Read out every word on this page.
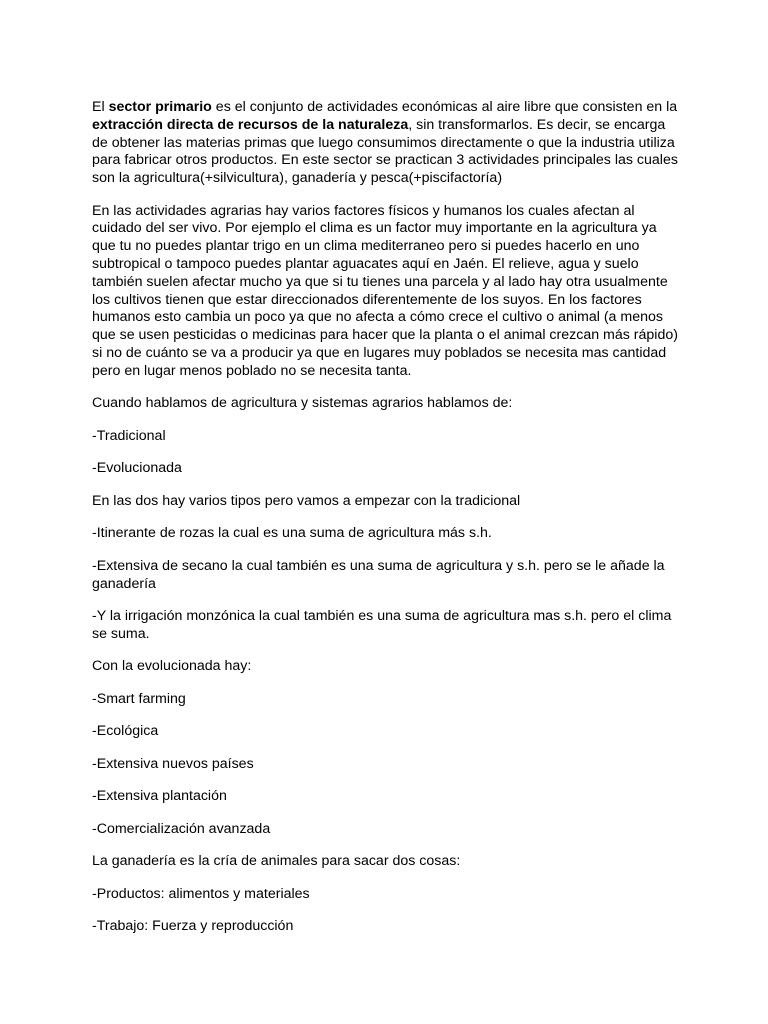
El sector primario es el conjunto de actividades económicas al aire libre que consisten en la extracción directa de recursos de la naturaleza, sin transformarlos. Es decir, se encarga de obtener las materias primas que luego consumimos directamente o que la industria utiliza para fabricar otros productos. En este sector se practican 3 actividades principales las cuales son la agricultura(+silvicultura), ganadería y pesca(+piscifactoría)

En las actividades agrarias hay varios factores físicos y humanos los cuales afectan al cuidado del ser vivo. Por ejemplo el clima es un factor muy importante en la agricultura ya que tu no puedes plantar trigo en un clima mediterraneo pero si puedes hacerlo en uno subtropical o tampoco puedes plantar aguacates aquí en Jaén. El relieve, agua y suelo también suelen afectar mucho ya que si tu tienes una parcela y al lado hay otra usualmente los cultivos tienen que estar direccionados diferentemente de los suyos. En los factores humanos esto cambia un poco ya que no afecta a cómo crece el cultivo o animal (a menos que se usen pesticidas o medicinas para hacer que la planta o el animal crezcan más rápido) si no de cuánto se va a producir ya que en lugares muy poblados se necesita mas cantidad pero en lugar menos poblado no se necesita tanta.

Cuando hablamos de agricultura y sistemas agrarios hablamos de:

-Tradicional

-Evolucionada

En las dos hay varios tipos pero vamos a empezar con la tradicional

-Itinerante de rozas la cual es una suma de agricultura más s.h.

-Extensiva de secano la cual también es una suma de agricultura y s.h. pero se le añade la ganadería

-Y la irrigación monzónica la cual también es una suma de agricultura mas s.h. pero el clima se suma.

Con la evolucionada hay:

-Smart farming

-Ecológica

-Extensiva nuevos países

-Extensiva plantación

-Comercialización avanzada

La ganadería es la cría de animales para sacar dos cosas:

-Productos: alimentos y materiales

-Trabajo: Fuerza y reproducción
